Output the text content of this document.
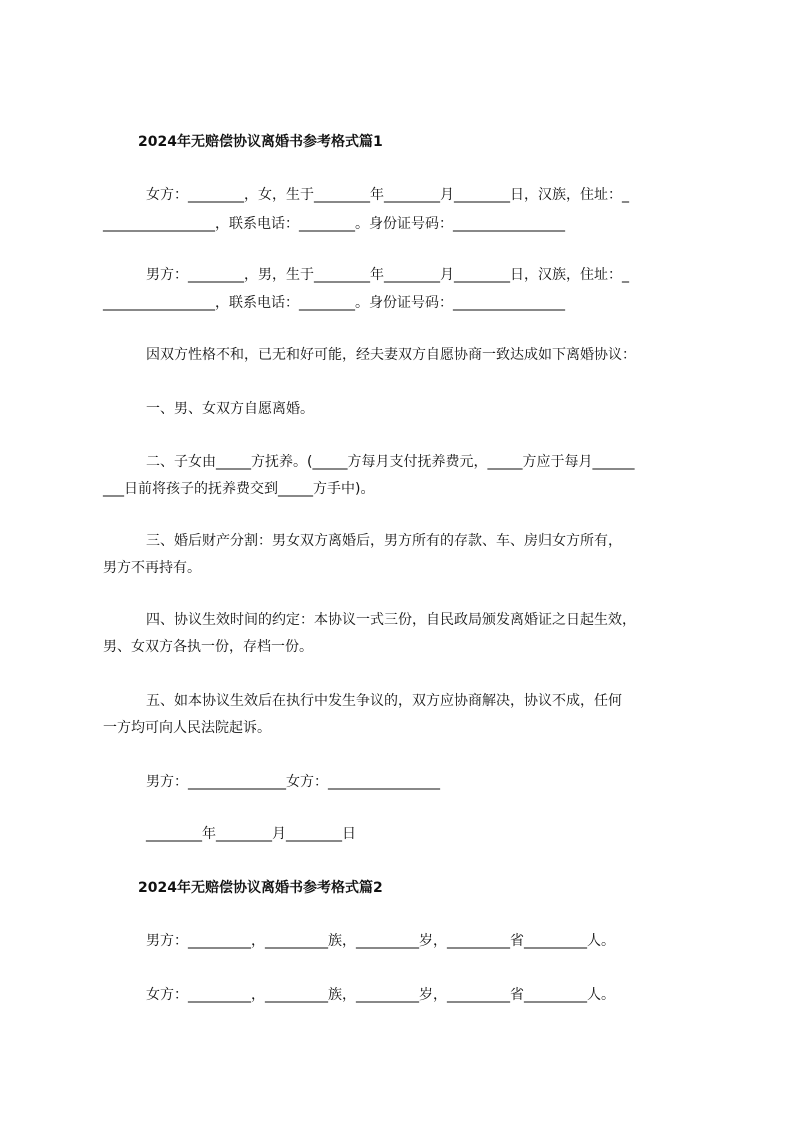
2024年无赔偿协议离婚书参考格式篇1
女方：________，女，生于________年________月________日，汉族，住址：_
________________，联系电话：________。身份证号码：________________
男方：________，男，生于________年________月________日，汉族，住址：_
________________，联系电话：________。身份证号码：________________
因双方性格不和，已无和好可能，经夫妻双方自愿协商一致达成如下离婚协议：
一、男、女双方自愿离婚。
二、子女由_____方抚养。(_____方每月支付抚养费元，_____方应于每月______
___日前将孩子的抚养费交到_____方手中)。
三、婚后财产分割：男女双方离婚后，男方所有的存款、车、房归女方所有，
男方不再持有。
四、协议生效时间的约定：本协议一式三份，自民政局颁发离婚证之日起生效，
男、女双方各执一份，存档一份。
五、如本协议生效后在执行中发生争议的，双方应协商解决，协议不成，任何
一方均可向人民法院起诉。
男方：______________女方：________________
________年________月________日
2024年无赔偿协议离婚书参考格式篇2
男方：_________，_________族，_________岁，_________省_________人。
女方：_________，_________族，_________岁，_________省_________人。
